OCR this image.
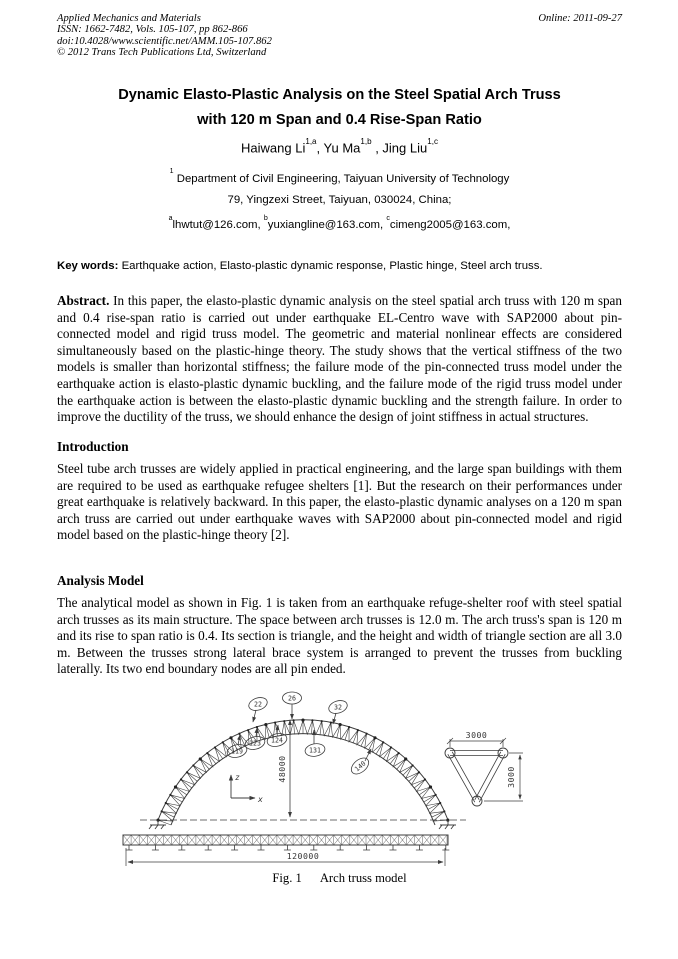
Applied Mechanics and Materials
ISSN: 1662-7482, Vols. 105-107, pp 862-866
doi:10.4028/www.scientific.net/AMM.105-107.862
© 2012 Trans Tech Publications Ltd, Switzerland
Online: 2011-09-27
Dynamic Elasto-Plastic Analysis on the Steel Spatial Arch Truss
with 120 m Span and 0.4 Rise-Span Ratio
Haiwang Li$^{1,a}$, Yu Ma$^{1,b}$ , Jing Liu$^{1,c}$
$^1$ Department of Civil Engineering, Taiyuan University of Technology
79, Yingzexi Street, Taiyuan, 030024, China;
$^a$lhwtut@126.com, $^b$yuxiangline@163.com, $^c$cimeng2005@163.com,
Key words: Earthquake action, Elasto-plastic dynamic response, Plastic hinge, Steel arch truss.

Abstract. In this paper, the elasto-plastic dynamic analysis on the steel spatial arch truss with 120 m span and 0.4 rise-span ratio is carried out under earthquake EL-Centro wave with SAP2000 about pin-connected model and rigid truss model. The geometric and material nonlinear effects are considered simultaneously based on the plastic-hinge theory. The study shows that the vertical stiffness of the two models is smaller than horizontal stiffness; the failure mode of the pin-connected truss model under the earthquake action is elasto-plastic dynamic buckling, and the failure mode of the rigid truss model under the earthquake action is between the elasto-plastic dynamic buckling and the strength failure. In order to improve the ductility of the truss, we should enhance the design of joint stiffness in actual structures.

Introduction

Steel tube arch trusses are widely applied in practical engineering, and the large span buildings with them are required to be used as earthquake refugee shelters [1]. But the research on their performances under great earthquake is relatively backward. In this paper, the elasto-plastic dynamic analyses on a 120 m span arch truss are carried out under earthquake waves with SAP2000 about pin-connected model and rigid model based on the plastic-hinge theory [2].

Analysis Model

The analytical model as shown in Fig. 1 is taken from an earthquake refuge-shelter roof with steel spatial arch trusses as its main structure. The space between arch trusses is 12.0 m. The arch truss's span is 120 m and its rise to span ratio is 0.4. Its section is triangle, and the height and width of triangle section are all 3.0 m. Between the trusses strong lateral brace system is arranged to prevent the trusses from buckling laterally. Its two end boundary nodes are all pin ended.

48000
z
x
22
26
32
119
123 124
131
140
3000
3000
120000
Fig. 1 Arch truss model
